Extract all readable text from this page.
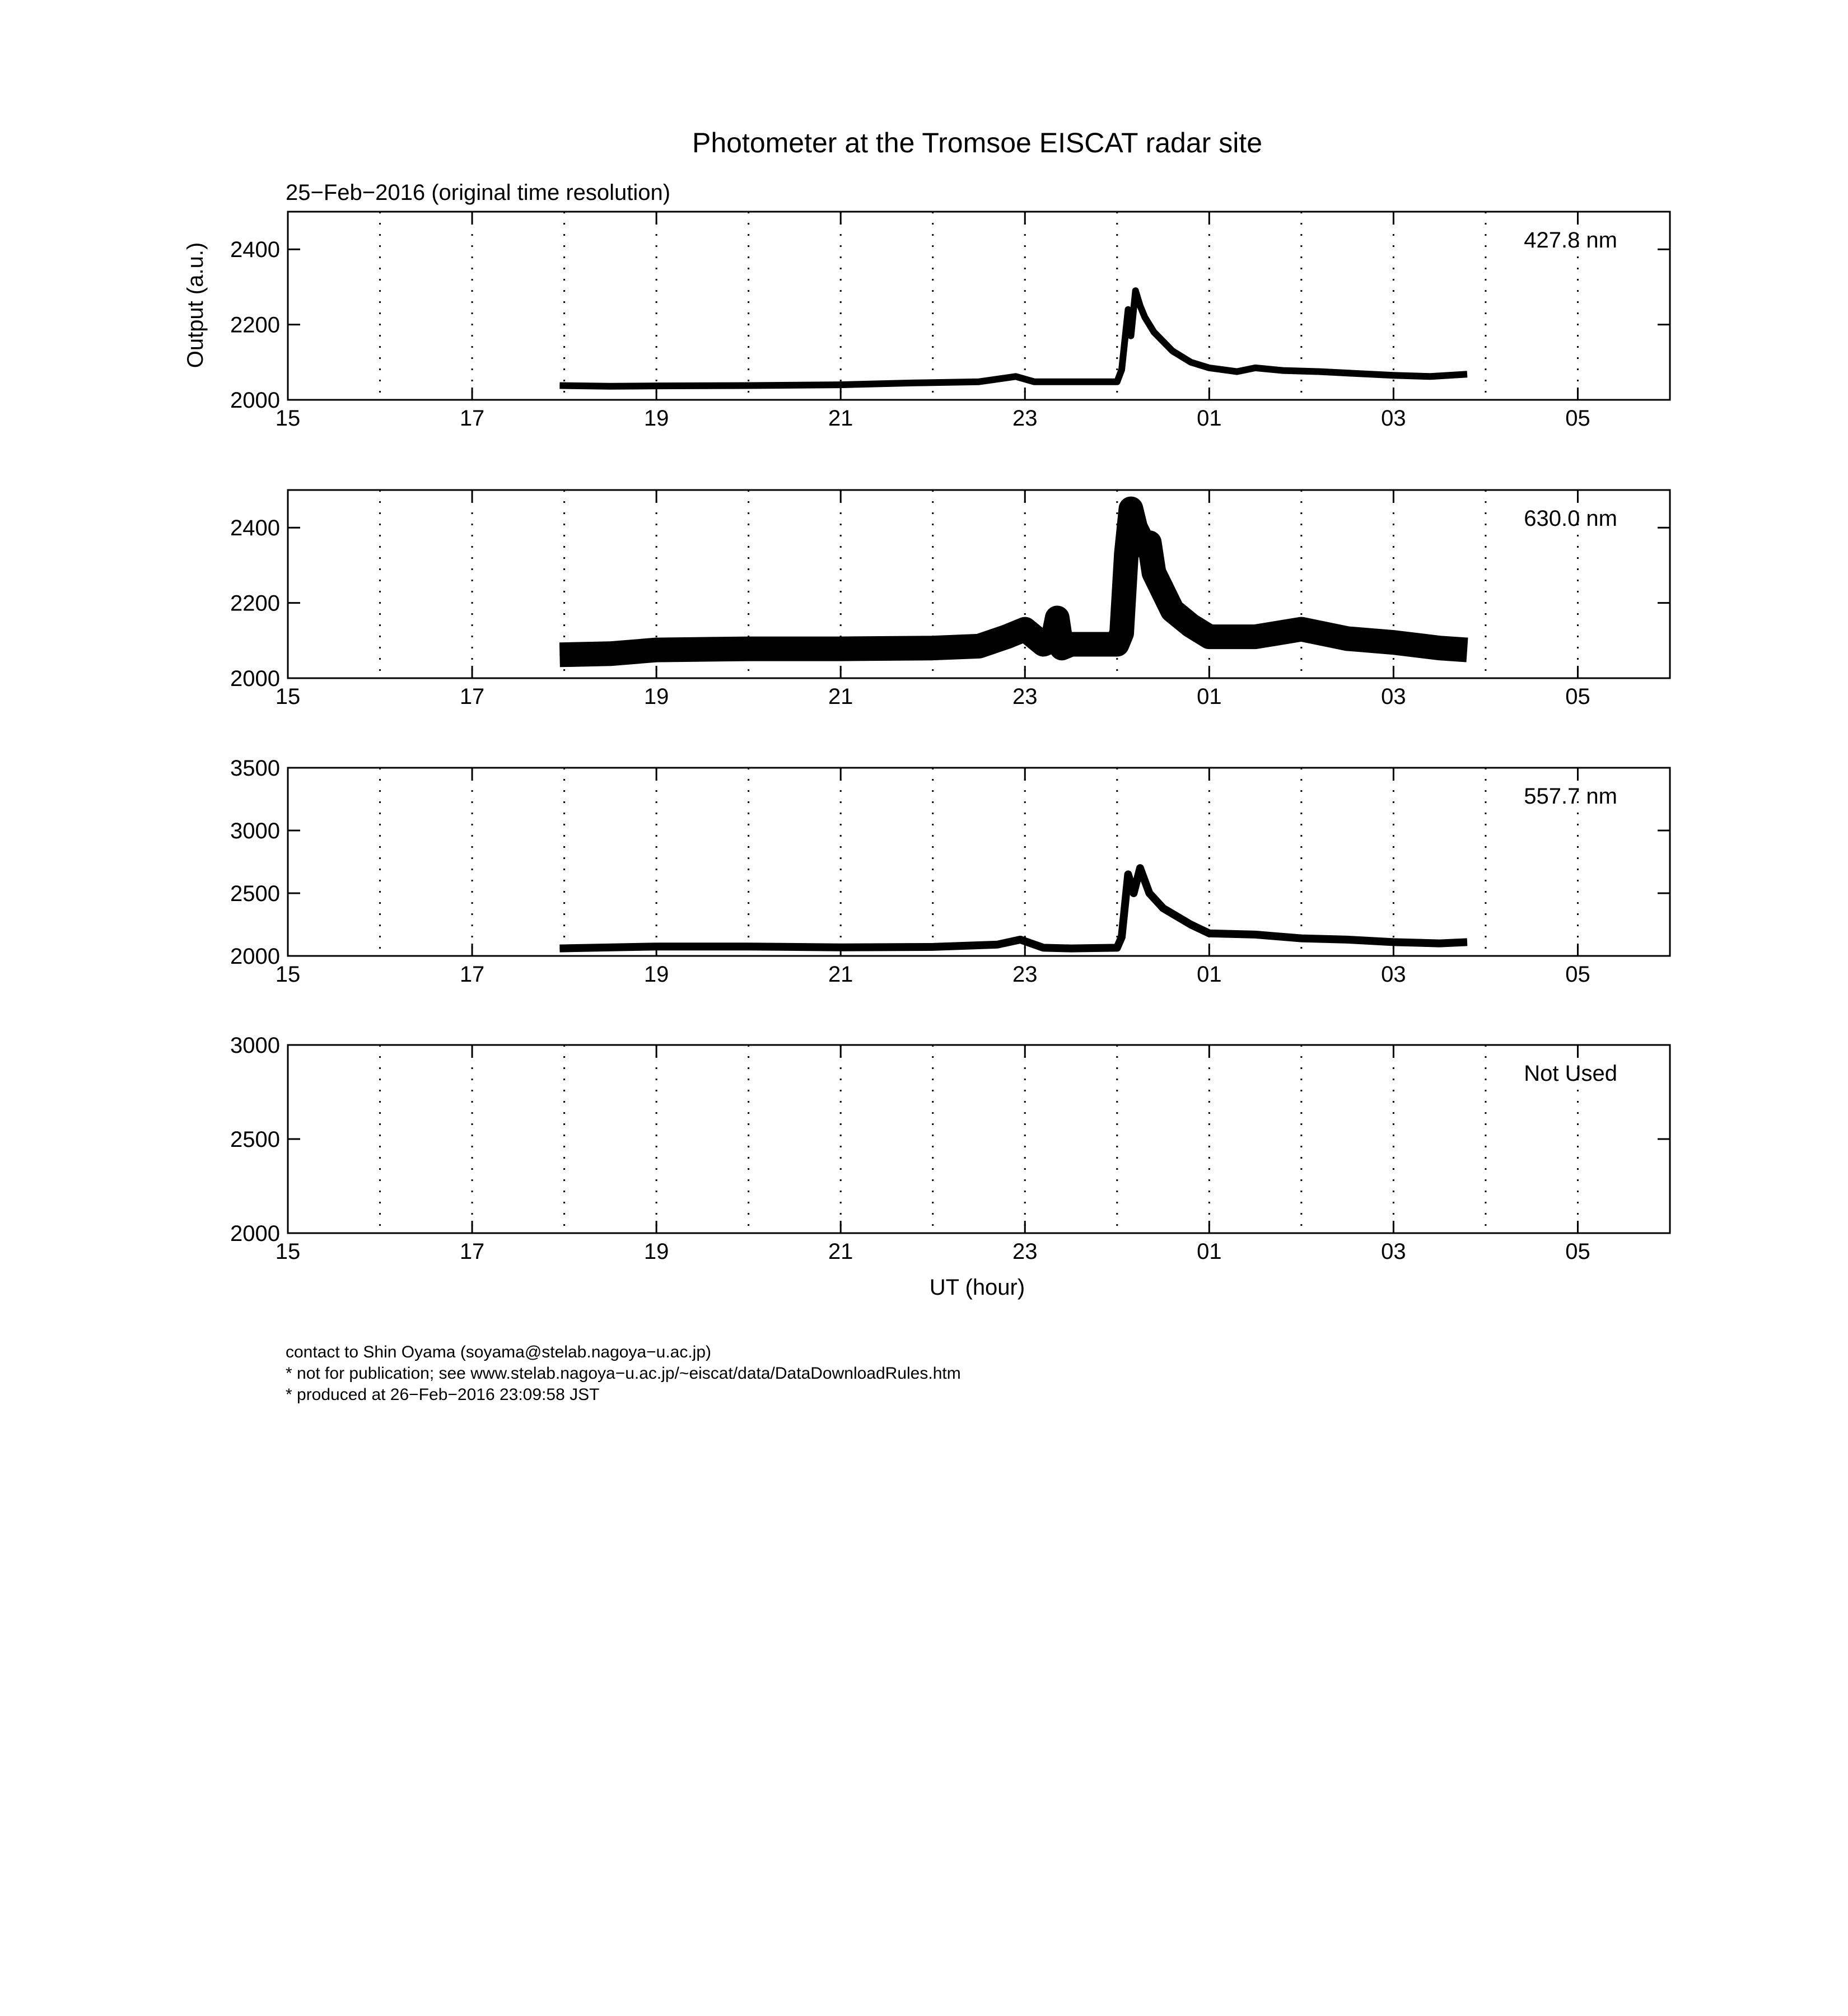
Photometer at the Tromsoe EISCAT radar site
25−Feb−2016 (original time resolution)
Output (a.u.)
UT (hour)
15	17	19	21	23	01	03	05
2000
2200
2400	427.8 nm
15	17	19	21	23	01	03	05
2000
2200
2400	630.0 nm
15	17	19	21	23	01	03	05
2000
2500
3000
3500
557.7 nm
15	17	19	21	23	01	03	05
2000
2500
3000
Not Used
contact to Shin Oyama (soyama@stelab.nagoya−u.ac.jp)
* not for publication; see www.stelab.nagoya−u.ac.jp/~eiscat/data/DataDownloadRules.htm
* produced at 26−Feb−2016 23:09:58 JST
